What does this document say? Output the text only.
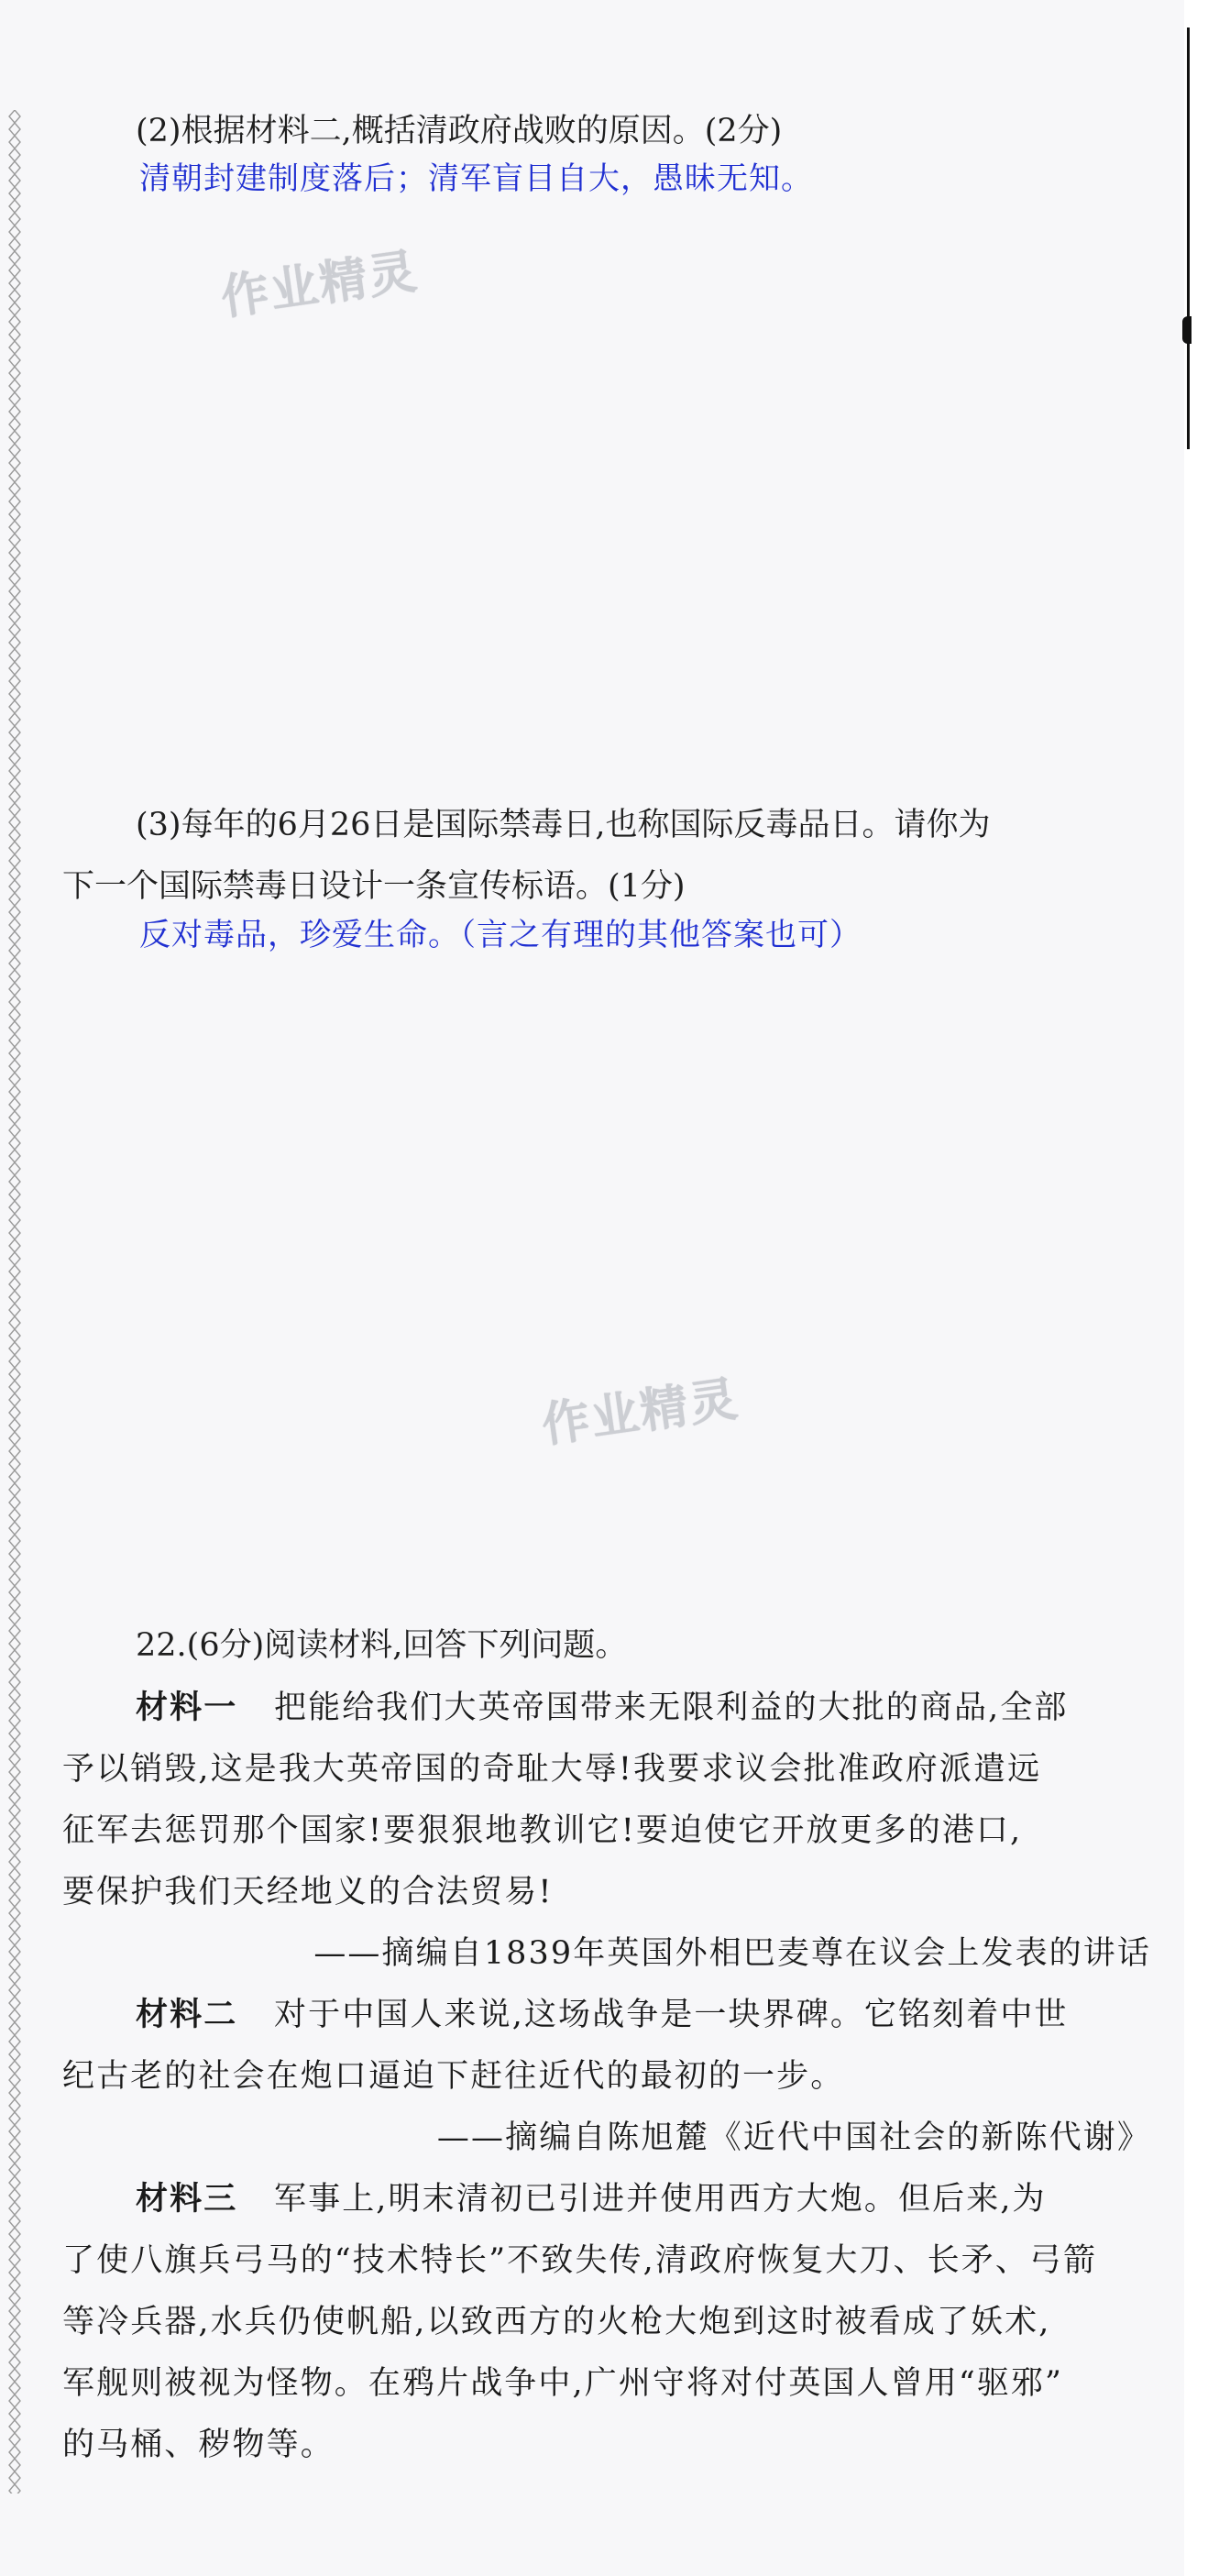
(2)根据材料二,概括清政府战败的原因。(2分)
清朝封建制度落后；清军盲目自大，愚昧无知。
作业精灵
(3)每年的6月26日是国际禁毒日,也称国际反毒品日。请你为
下一个国际禁毒日设计一条宣传标语。(1分)
反对毒品，珍爱生命。（言之有理的其他答案也可）
作业精灵
22.(6分)阅读材料,回答下列问题。
材料一 把能给我们大英帝国带来无限利益的大批的商品,全部
予以销毁,这是我大英帝国的奇耻大辱!我要求议会批准政府派遣远
征军去惩罚那个国家!要狠狠地教训它!要迫使它开放更多的港口,
要保护我们天经地义的合法贸易!
——摘编自1839年英国外相巴麦尊在议会上发表的讲话
材料二 对于中国人来说,这场战争是一块界碑。它铭刻着中世
纪古老的社会在炮口逼迫下赶往近代的最初的一步。
——摘编自陈旭麓《近代中国社会的新陈代谢》
材料三 军事上,明末清初已引进并使用西方大炮。但后来,为
了使八旗兵弓马的“技术特长”不致失传,清政府恢复大刀、长矛、弓箭
等冷兵器,水兵仍使帆船,以致西方的火枪大炮到这时被看成了妖术,
军舰则被视为怪物。在鸦片战争中,广州守将对付英国人曾用“驱邪”
的马桶、秽物等。
